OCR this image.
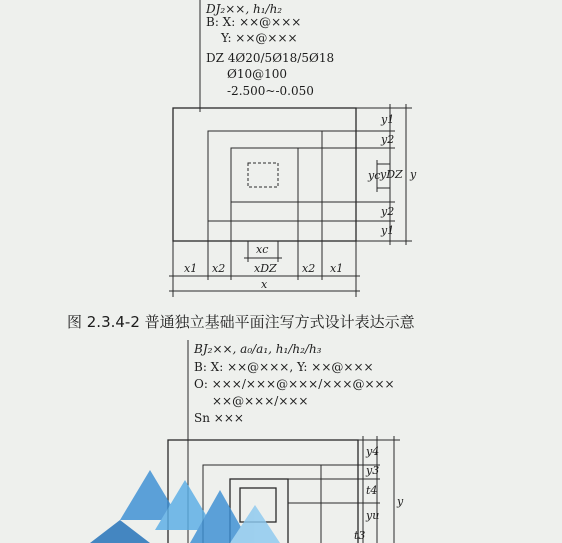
DJ₂××, h₁/h₂
B: X: ××@×××
Y: ××@×××
DZ 4Ø20/5Ø18/5Ø18
Ø10@100
-2.500~-0.050
y1
y2
yc yDZ
y2
y1
y
xc
x1 x2	xDZ x2 x1
x
图 2.3.4-2 普通独立基础平面注写方式设计表达示意
BJ₂××, a₀/a₁, h₁/h₂/h₃
B: X: ××@×××, Y: ××@×××
O: ×××/×××@×××/×××@×××
××@×××/×××
Sn ×××
y4
y3
t4
yu
y
t3
